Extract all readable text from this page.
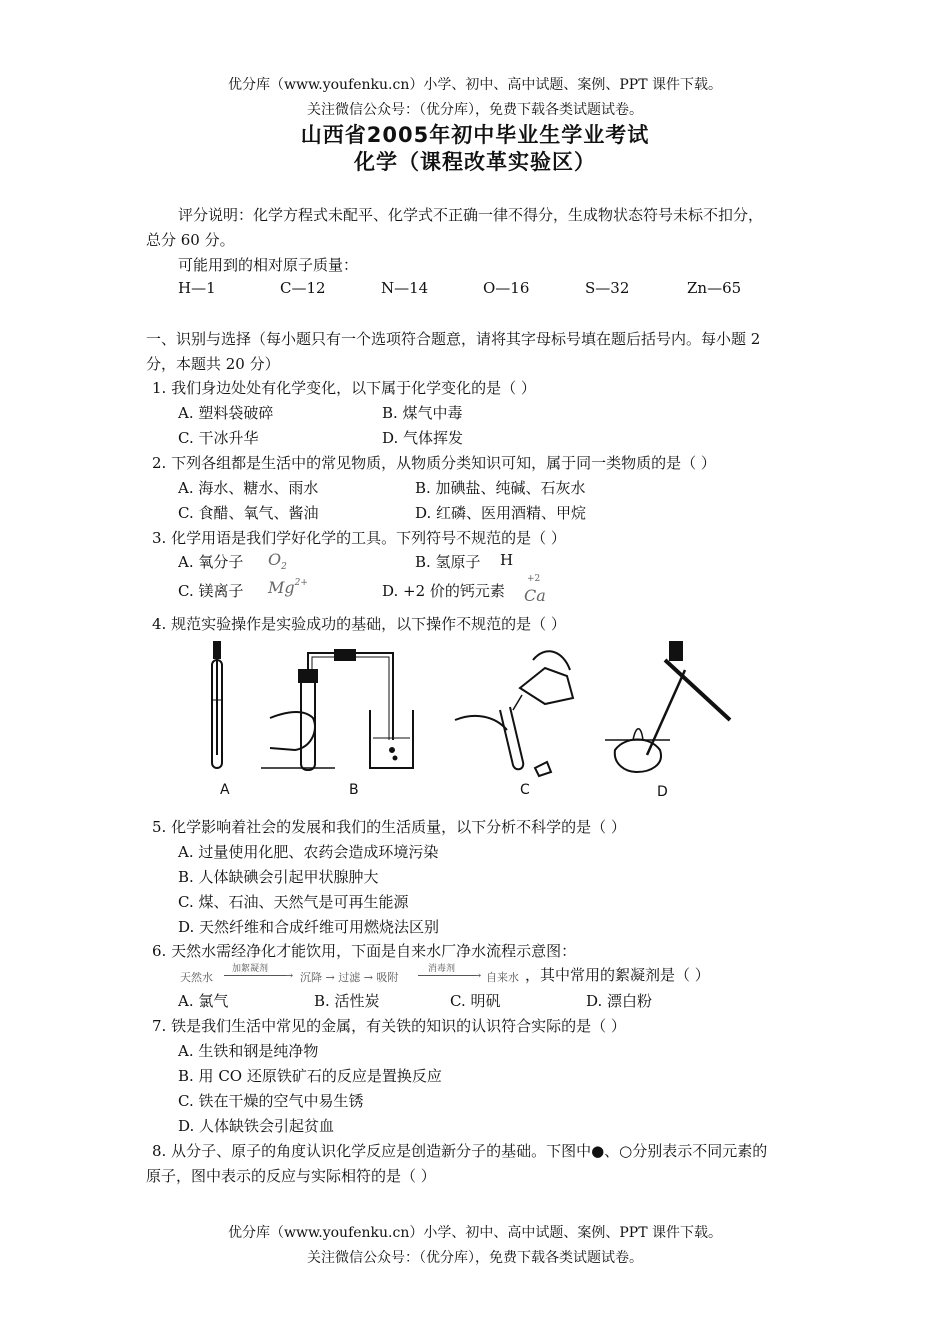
优分库（www.youfenku.cn）小学、初中、高中试题、案例、PPT 课件下载。
关注微信公众号：（优分库），免费下载各类试题试卷。
山西省2005年初中毕业生学业考试
化学（课程改革实验区）
评分说明：化学方程式未配平、化学式不正确一律不得分，生成物状态符号未标不扣分，
总分 60 分。
可能用到的相对原子质量：
H—1	C—12	N—14	O—16	S—32	Zn—65
一、识别与选择（每小题只有一个选项符合题意，请将其字母标号填在题后括号内。每小题 2
分，本题共 20 分）
1. 我们身边处处有化学变化，以下属于化学变化的是（ ）
A. 塑料袋破碎	B. 煤气中毒
C. 干冰升华	D. 气体挥发
2. 下列各组都是生活中的常见物质，从物质分类知识可知，属于同一类物质的是（ ）
A. 海水、糖水、雨水	B. 加碘盐、纯碱、石灰水
C. 食醋、氧气、酱油	D. 红磷、医用酒精、甲烷
3. 化学用语是我们学好化学的工具。下列符号不规范的是（ ）
A. 氧分子 $O_2$	B. 氢原子 H
C. 镁离子 $Mg^{2+}$	D. +2 价的钙元素
+2
Ca
4. 规范实验操作是实验成功的基础，以下操作不规范的是（ ）
A	B	C	D
5. 化学影响着社会的发展和我们的生活质量，以下分析不科学的是（ ）
A. 过量使用化肥、农药会造成环境污染
B. 人体缺碘会引起甲状腺肿大
C. 煤、石油、天然气是可再生能源
D. 天然纤维和合成纤维可用燃烧法区别
6. 天然水需经净化才能饮用，下面是自来水厂净水流程示意图：
天然水
加絮凝剂 → 沉降 → 过滤 → 吸附
消毒剂 → 自来水 ，其中常用的絮凝剂是（ ）
A. 氯气	B. 活性炭	C. 明矾	D. 漂白粉
7. 铁是我们生活中常见的金属，有关铁的知识的认识符合实际的是（ ）
A. 生铁和钢是纯净物
B. 用 CO 还原铁矿石的反应是置换反应
C. 铁在干燥的空气中易生锈
D. 人体缺铁会引起贫血
8. 从分子、原子的角度认识化学反应是创造新分子的基础。下图中●、○分别表示不同元素的
原子，图中表示的反应与实际相符的是（ ）
优分库（www.youfenku.cn）小学、初中、高中试题、案例、PPT 课件下载。
关注微信公众号：（优分库），免费下载各类试题试卷。
